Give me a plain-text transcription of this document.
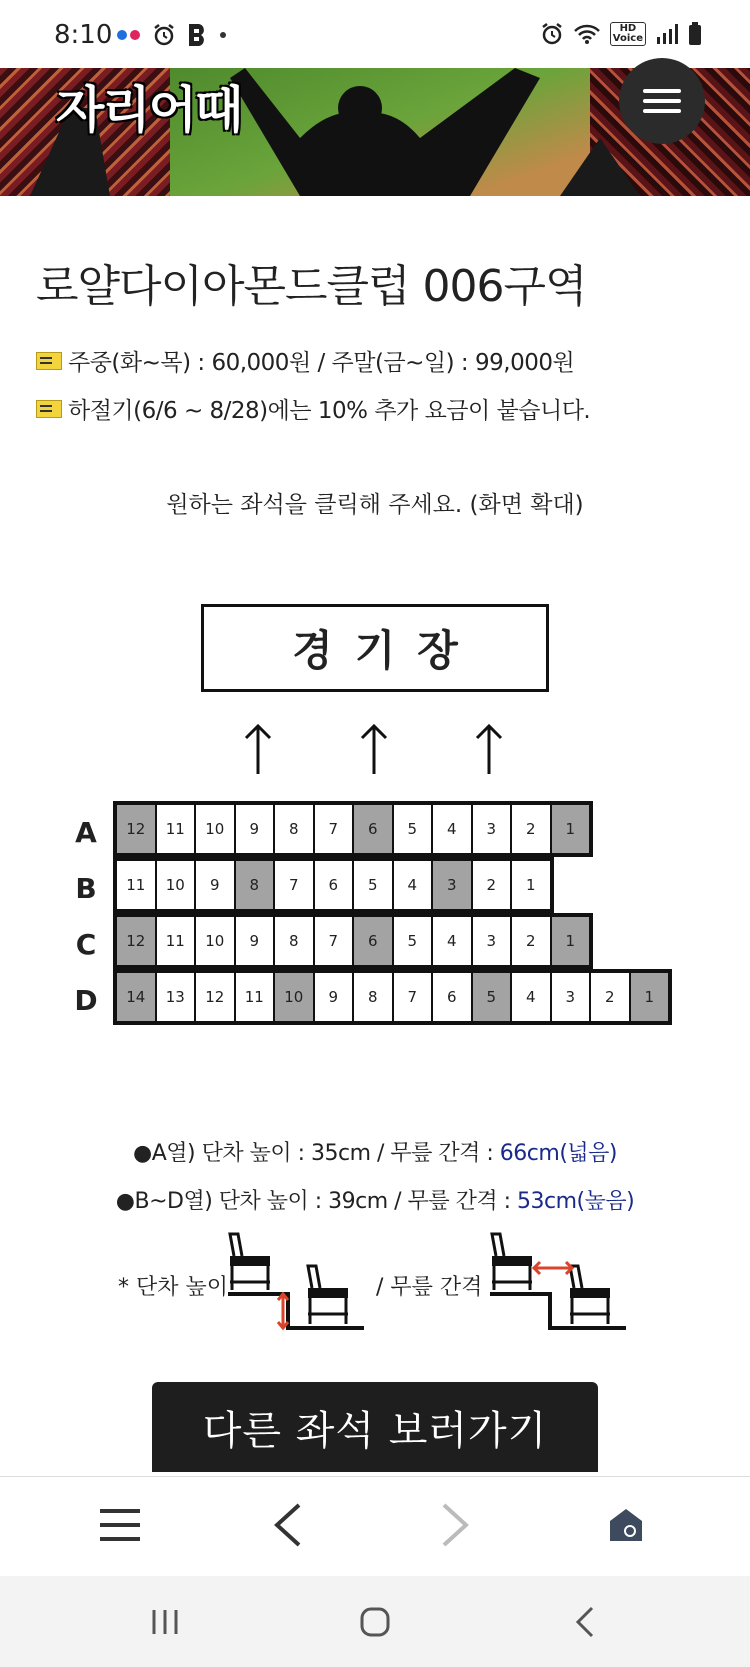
8:10	HD
Voice
자리어때
로얄다이아몬드클럽 006구역
주중(화~목) : 60,000원 / 주말(금~일) : 99,000원
하절기(6/6 ~ 8/28)에는 10% 추가 요금이 붙습니다.
원하는 좌석을 클릭해 주세요. (화면 확대)
경기장
A	12	11	10	9	8	7	6	5	4	3	2	1
B	11	10	9	8	7	6	5	4	3	2	1
C	12	11	10	9	8	7	6	5	4	3	2	1
D	14	13	12	11	10	9	8	7	6	5	4	3	2	1
●A열) 단차 높이 : 35cm / 무릎 간격 : 66cm(넓음)
●B~D열) 단차 높이 : 39cm / 무릎 간격 : 53cm(높음)
* 단차 높이	/ 무릎 간격
다른 좌석 보러가기
